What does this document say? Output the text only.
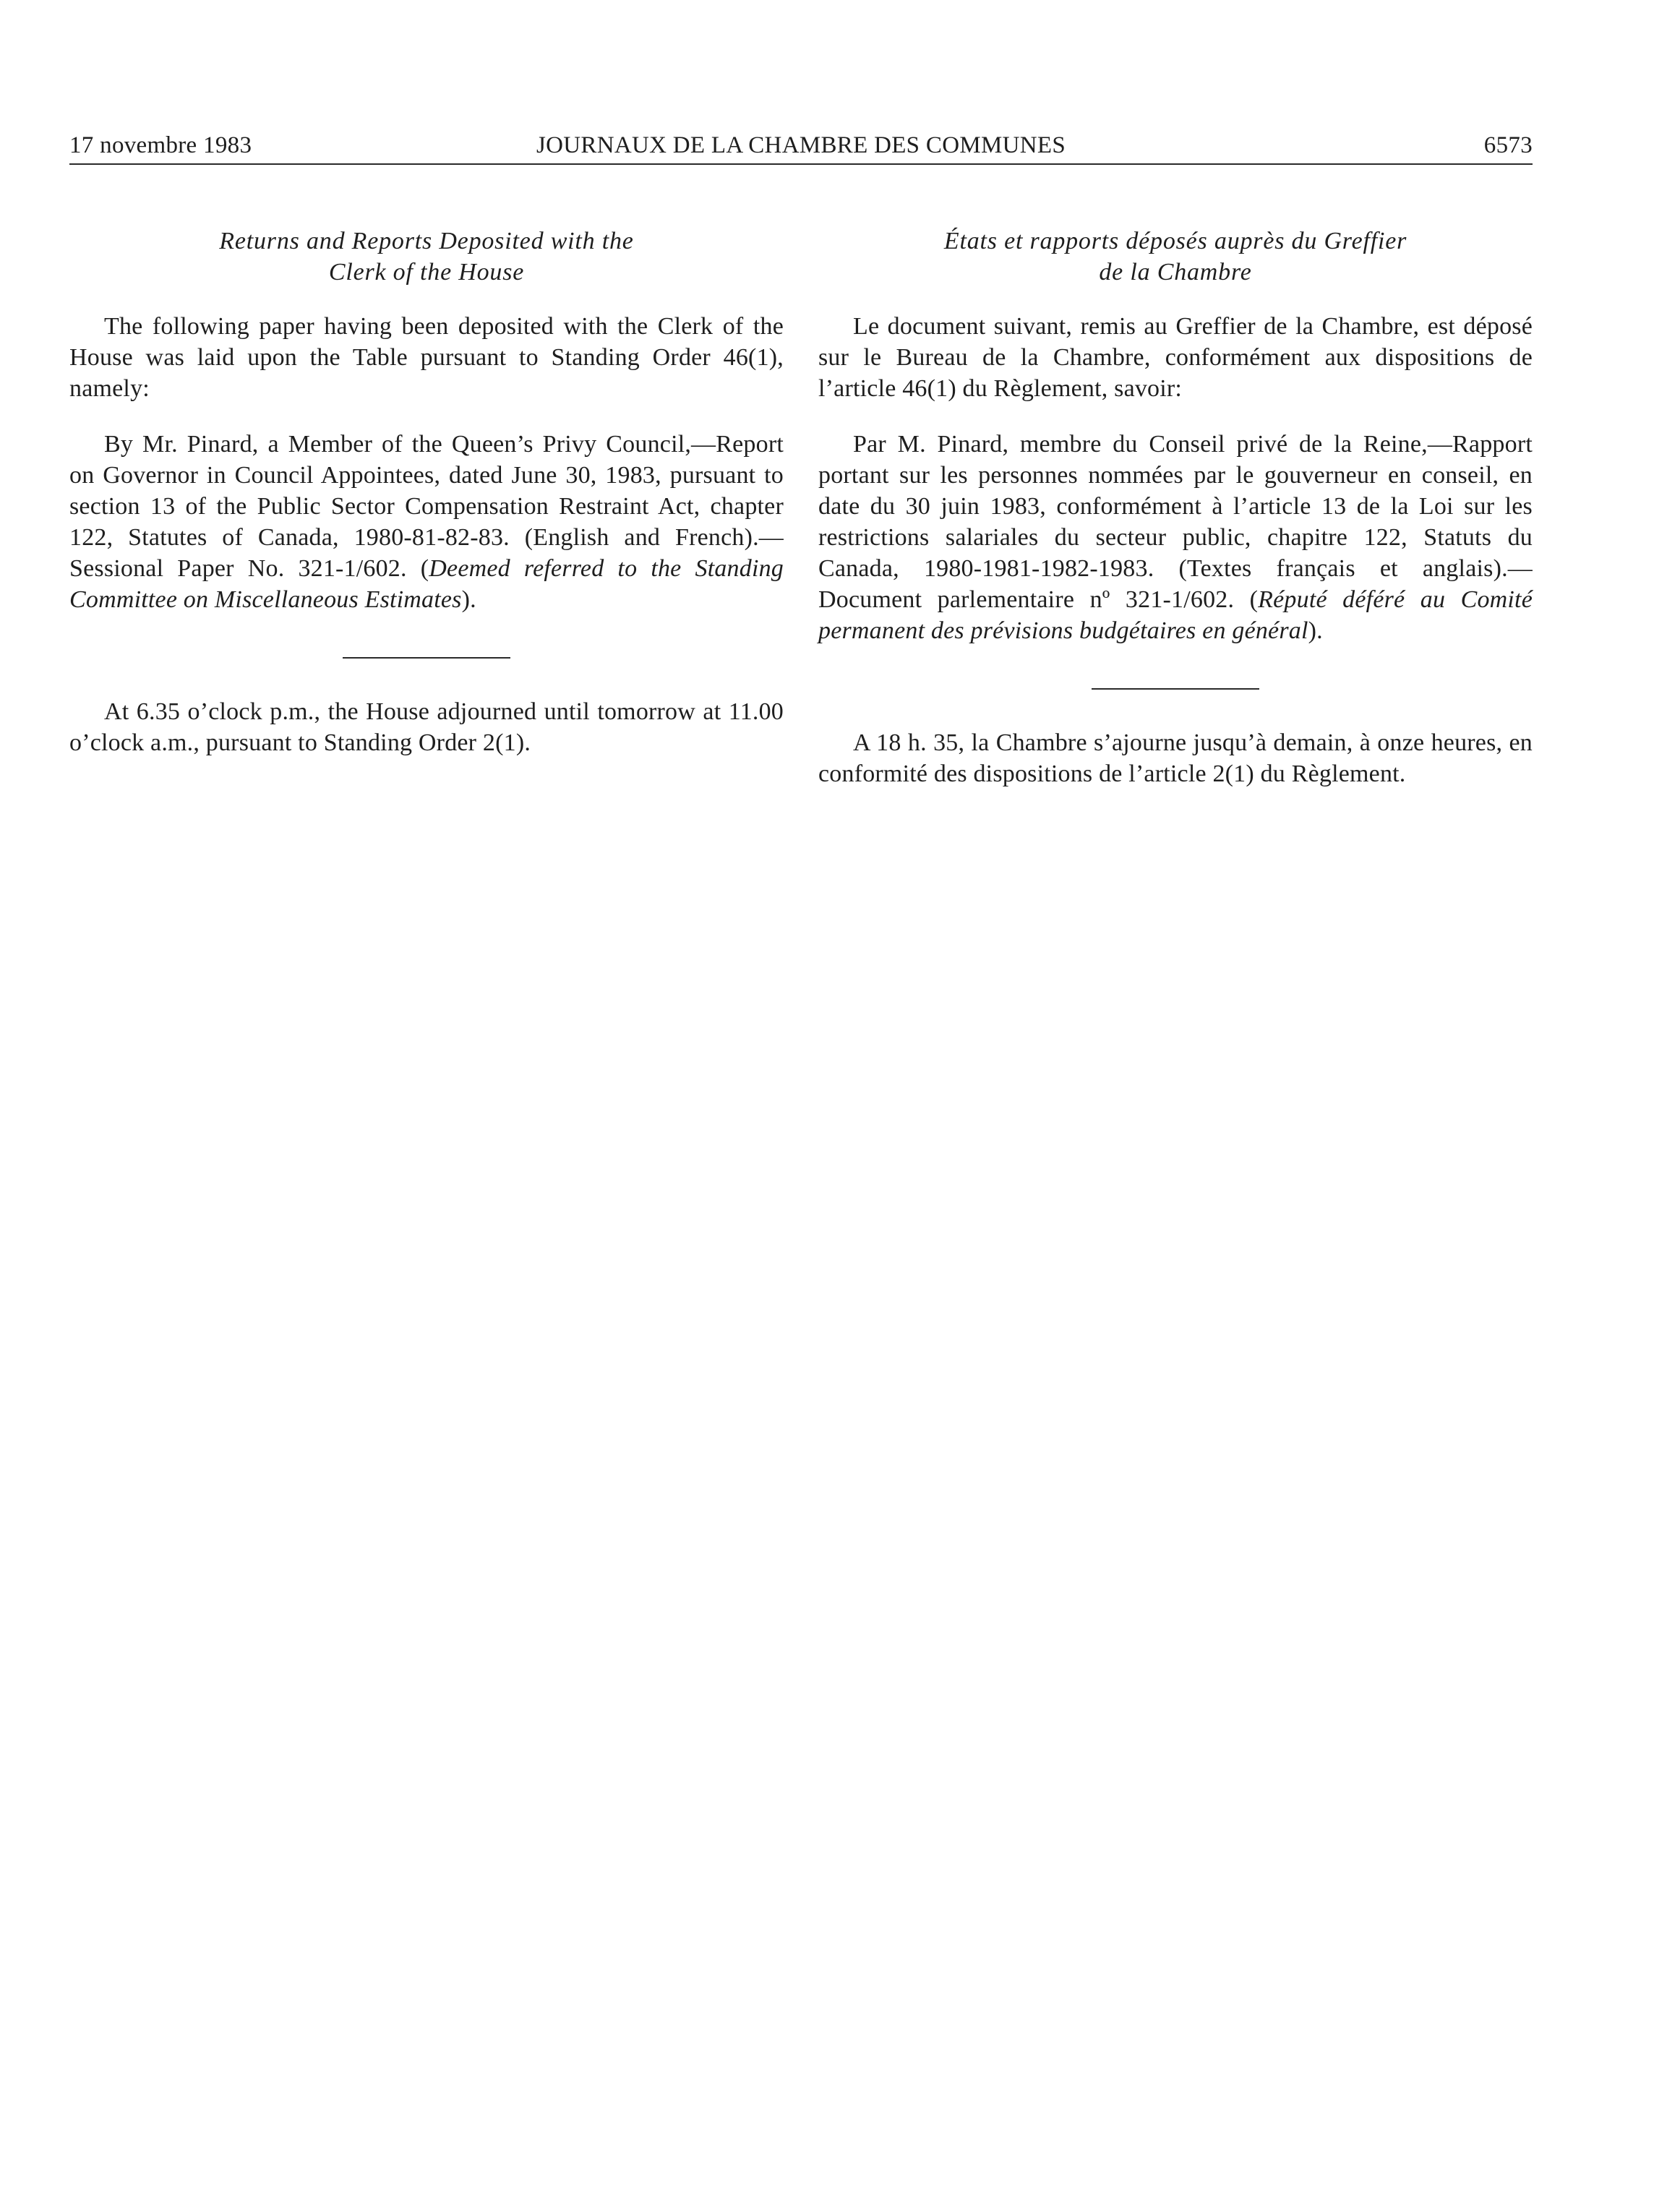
17 novembre 1983	JOURNAUX DE LA CHAMBRE DES COMMUNES	6573
Returns and Reports Deposited with the
Clerk of the House

The following paper having been deposited with the Clerk of the House was laid upon the Table pursuant to Standing Order 46(1), namely:

By Mr. Pinard, a Member of the Queen’s Privy Council,—Report on Governor in Council Appointees, dated June 30, 1983, pursuant to section 13 of the Public Sector Compensation Restraint Act, chapter 122, Statutes of Canada, 1980-81-82-83. (English and French).—Sessional Paper No. 321-1/602. (Deemed referred to the Standing Committee on Miscellaneous Estimates).

At 6.35 o’clock p.m., the House adjourned until tomorrow at 11.00 o’clock a.m., pursuant to Standing Order 2(1).

États et rapports déposés auprès du Greffier
de la Chambre

Le document suivant, remis au Greffier de la Chambre, est déposé sur le Bureau de la Chambre, conformément aux dispositions de l’article 46(1) du Règlement, savoir:

Par M. Pinard, membre du Conseil privé de la Reine,—Rapport portant sur les personnes nommées par le gouverneur en conseil, en date du 30 juin 1983, conformément à l’article 13 de la Loi sur les restrictions salariales du secteur public, chapitre 122, Statuts du Canada, 1980-1981-1982-1983. (Textes français et anglais).—Document parlementaire nº 321-1/602. (Réputé déféré au Comité permanent des prévisions budgétaires en général).

A 18 h. 35, la Chambre s’ajourne jusqu’à demain, à onze heures, en conformité des dispositions de l’article 2(1) du Règlement.
